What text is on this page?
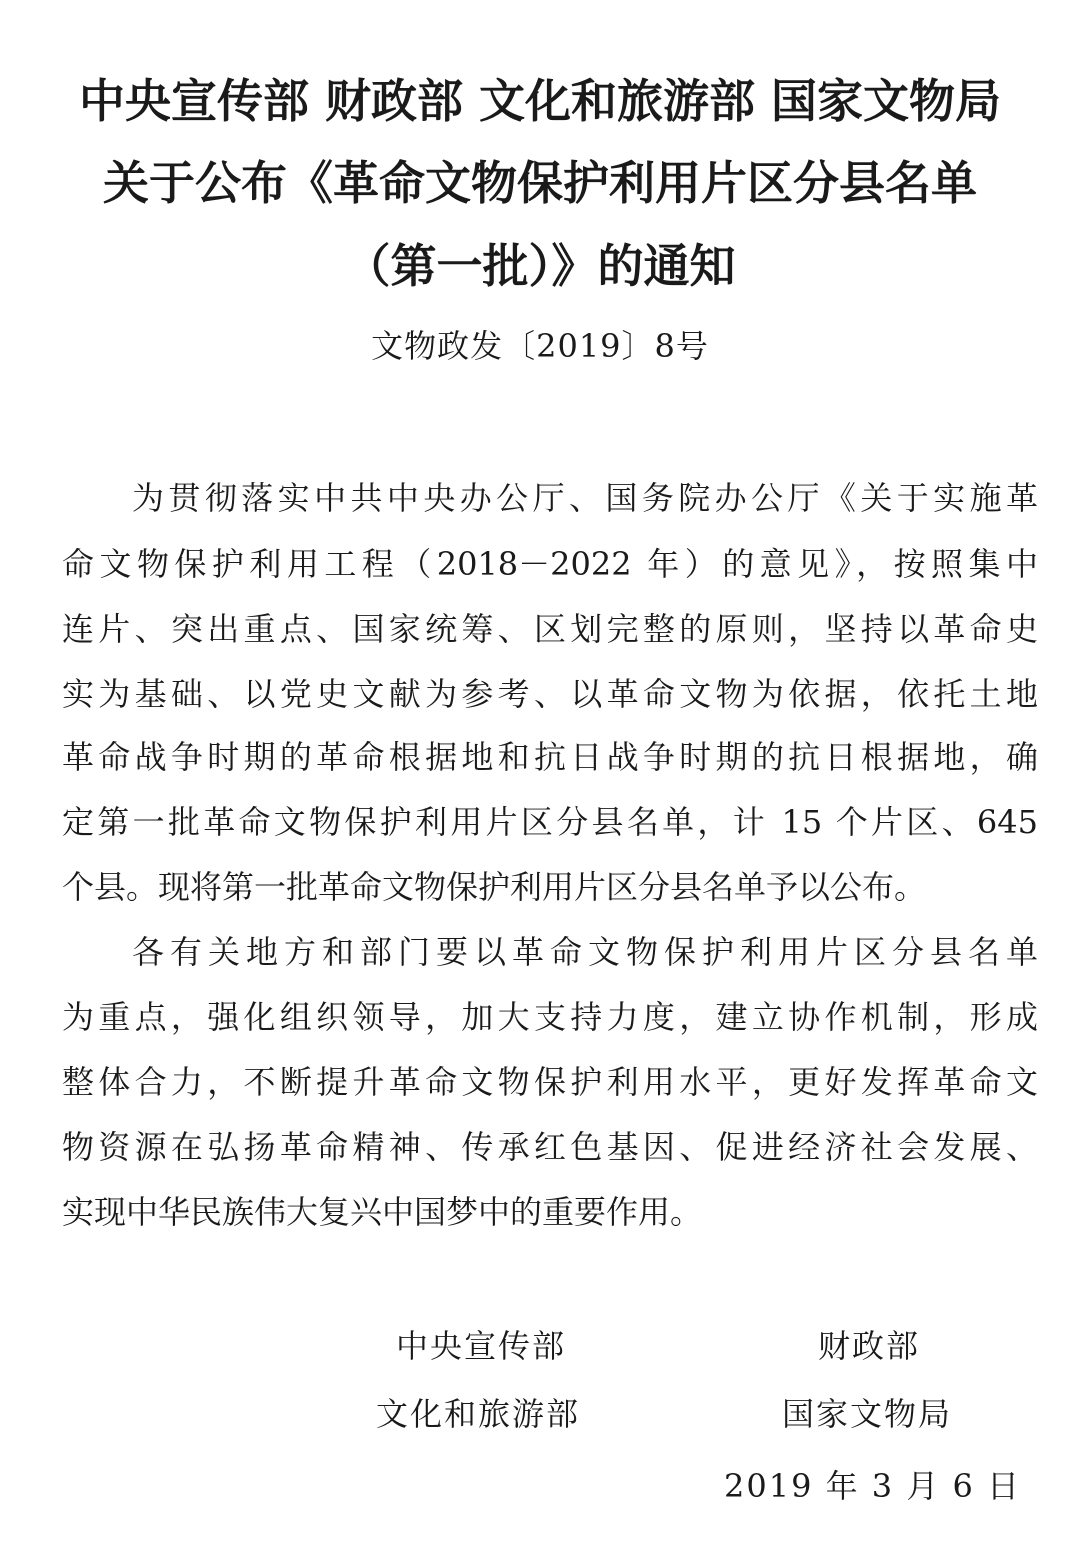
中央宣传部 财政部 文化和旅游部 国家文物局
关于公布《革命文物保护利用片区分县名单
（第一批）》的通知
文物政发〔2019〕8号
为贯彻落实中共中央办公厅、国务院办公厅《关于实施革
命文物保护利用工程（2018－2022 年）的意见》，按照集中
连片、突出重点、国家统筹、区划完整的原则，坚持以革命史
实为基础、以党史文献为参考、以革命文物为依据，依托土地
革命战争时期的革命根据地和抗日战争时期的抗日根据地，确
定第一批革命文物保护利用片区分县名单，计 15 个片区、645
个县。现将第一批革命文物保护利用片区分县名单予以公布。
各有关地方和部门要以革命文物保护利用片区分县名单
为重点，强化组织领导，加大支持力度，建立协作机制，形成
整体合力，不断提升革命文物保护利用水平，更好发挥革命文
物资源在弘扬革命精神、传承红色基因、促进经济社会发展、
实现中华民族伟大复兴中国梦中的重要作用。
中央宣传部	财政部
文化和旅游部	国家文物局
2019 年 3 月 6 日
